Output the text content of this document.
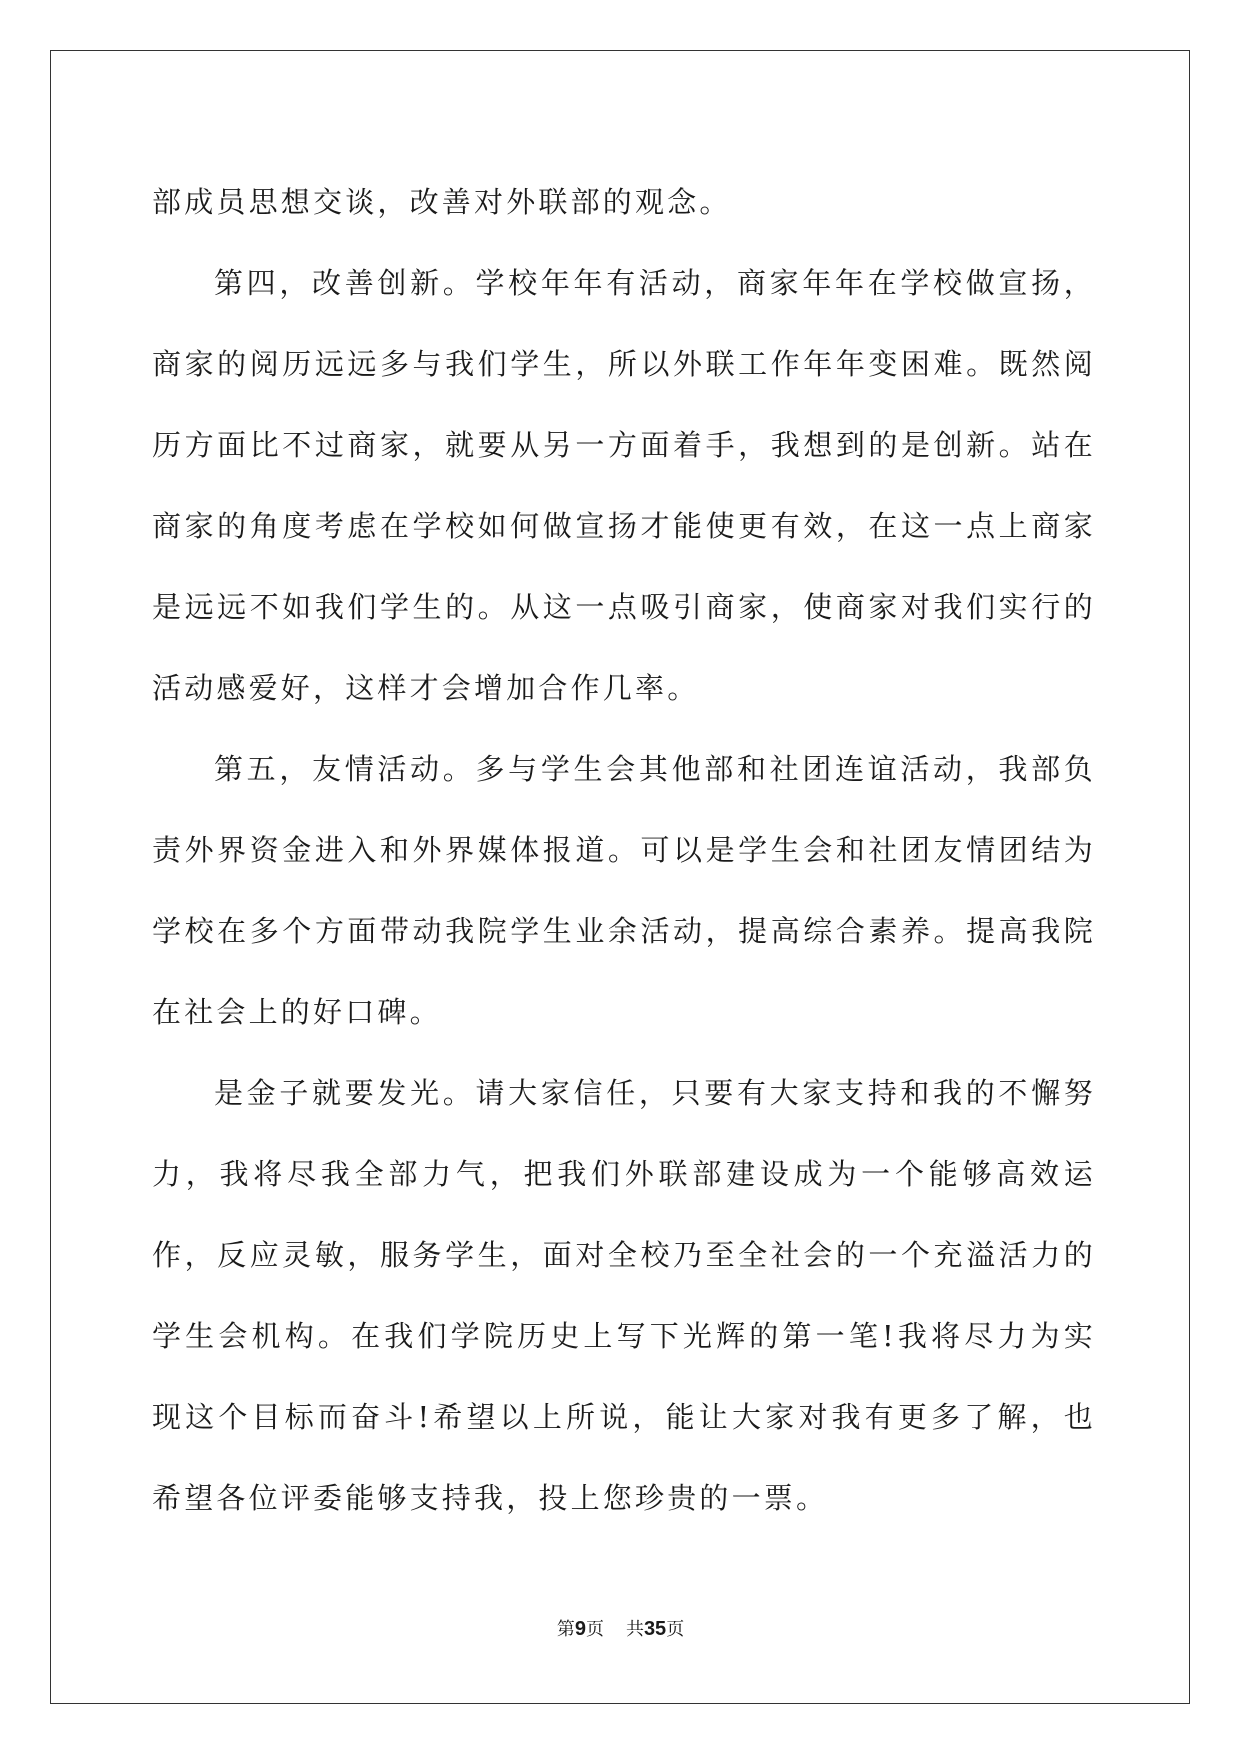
部成员思想交谈，改善对外联部的观念。

第四，改善创新。学校年年有活动，商家年年在学校做宣扬，商家的阅历远远多与我们学生，所以外联工作年年变困难。既然阅历方面比不过商家，就要从另一方面着手，我想到的是创新。站在商家的角度考虑在学校如何做宣扬才能使更有效，在这一点上商家是远远不如我们学生的。从这一点吸引商家，使商家对我们实行的活动感爱好，这样才会增加合作几率。

第五，友情活动。多与学生会其他部和社团连谊活动，我部负责外界资金进入和外界媒体报道。可以是学生会和社团友情团结为学校在多个方面带动我院学生业余活动，提高综合素养。提高我院在社会上的好口碑。

是金子就要发光。请大家信任，只要有大家支持和我的不懈努力，我将尽我全部力气，把我们外联部建设成为一个能够高效运作，反应灵敏，服务学生，面对全校乃至全社会的一个充溢活力的学生会机构。在我们学院历史上写下光辉的第一笔!我将尽力为实现这个目标而奋斗!希望以上所说，能让大家对我有更多了解，也希望各位评委能够支持我，投上您珍贵的一票。

第9页 共35页
